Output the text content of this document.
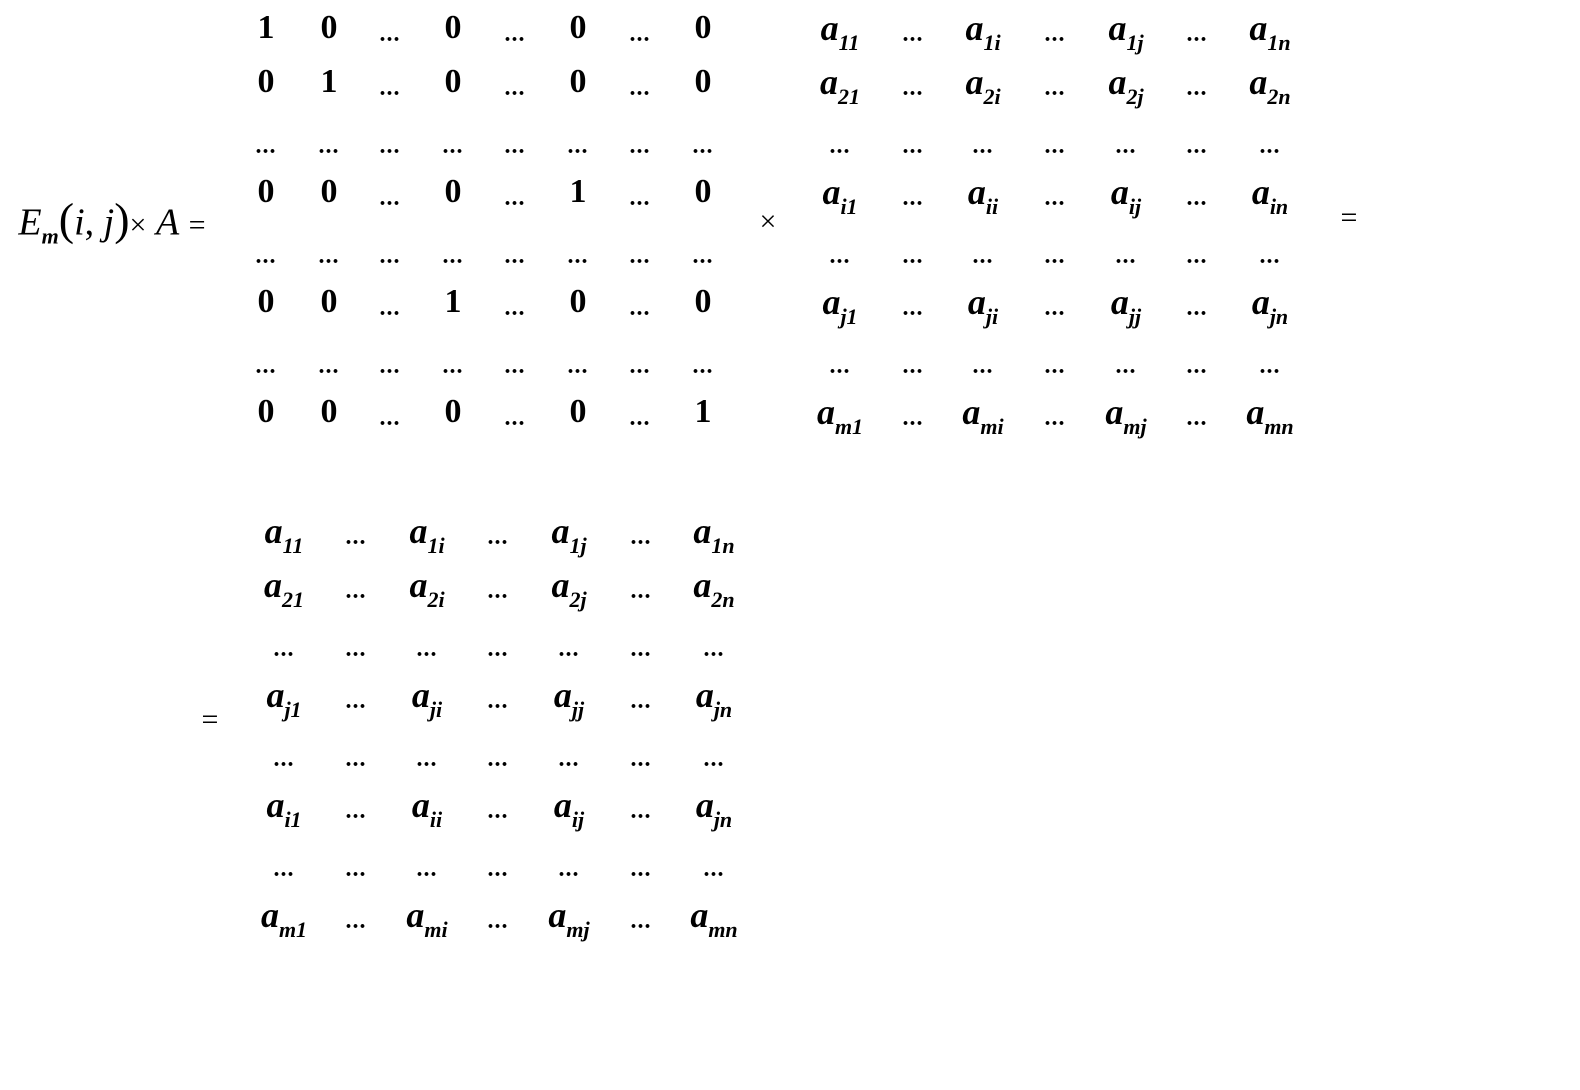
$E_m(i$, j)× A =	×	=
=
1 0 ... 0 ... 0 ... 0
0 1 ... 0 ... 0 ... 0
... ... ... ... ... ... ... ...
0 0 ... 0 ... 1 ... 0
... ... ... ... ... ... ... ...
0 0 ... 1 ... 0 ... 0
... ... ... ... ... ... ... ...
0 0 ... 0 ... 0 ... 1
$a_{11}$ ... $a_{1i}$ ... $a_{1j}$ ... $a_{1n}$
$a_{21}$ ... $a_{2i}$ ... $a_{2j}$ ... $a_{2n}$
... ... ... ... ... ... ...
$a_{i1}$ ... $a_{ii}$ ... $a_{ij}$ ... $a_{in}$
... ... ... ... ... ... ...
$a_{j1}$ ... $a_{ji}$ ... $a_{jj}$ ... $a_{jn}$
... ... ... ... ... ... ...
$a_{m1}$ ... $a_{mi}$ ... $a_{mj}$ ... $a_{mn}$
$a_{11}$ ... $a_{1i}$ ... $a_{1j}$ ... $a_{1n}$
$a_{21}$ ... $a_{2i}$ ... $a_{2j}$ ... $a_{2n}$
... ... ... ... ... ... ...
$a_{j1}$ ... $a_{ji}$ ... $a_{jj}$ ... $a_{jn}$
... ... ... ... ... ... ...
$a_{i1}$ ... $a_{ii}$ ... $a_{ij}$ ... $a_{jn}$
... ... ... ... ... ... ...
$a_{m1}$ ... $a_{mi}$ ... $a_{mj}$ ... $a_{mn}$
